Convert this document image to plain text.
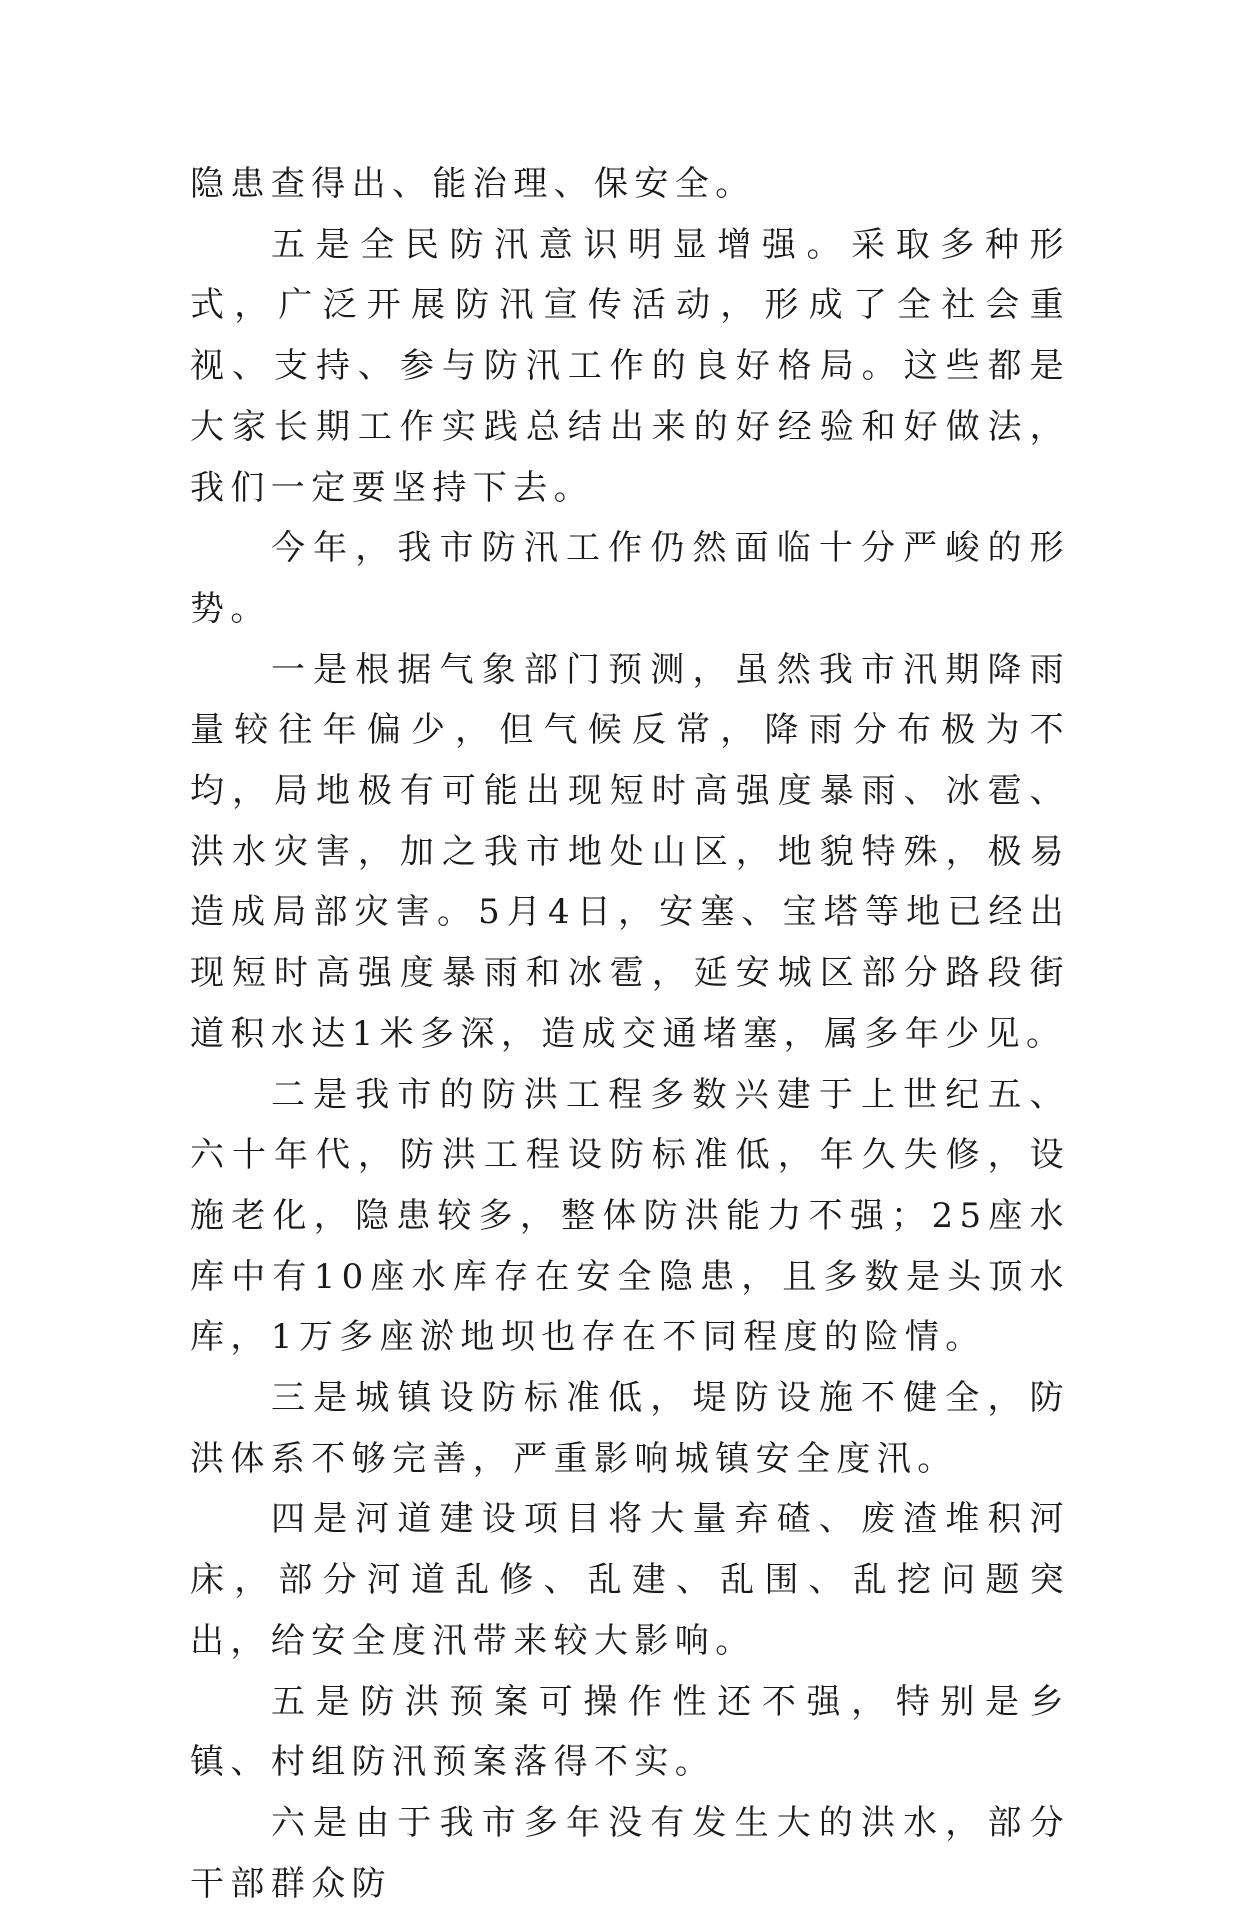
隐患查得出、能治理、保安全。

五是全民防汛意识明显增强。采取多种形式，广泛开展防汛宣传活动，形成了全社会重视、支持、参与防汛工作的良好格局。这些都是大家长期工作实践总结出来的好经验和好做法，我们一定要坚持下去。

今年，我市防汛工作仍然面临十分严峻的形势。

一是根据气象部门预测，虽然我市汛期降雨量较往年偏少，但气候反常，降雨分布极为不均，局地极有可能出现短时高强度暴雨、冰雹、洪水灾害，加之我市地处山区，地貌特殊，极易造成局部灾害。5月4日，安塞、宝塔等地已经出现短时高强度暴雨和冰雹，延安城区部分路段街道积水达1米多深，造成交通堵塞，属多年少见。

二是我市的防洪工程多数兴建于上世纪五、六十年代，防洪工程设防标准低，年久失修，设施老化，隐患较多，整体防洪能力不强；25座水库中有10座水库存在安全隐患，且多数是头顶水库，1万多座淤地坝也存在不同程度的险情。

三是城镇设防标准低，堤防设施不健全，防洪体系不够完善，严重影响城镇安全度汛。

四是河道建设项目将大量弃碴、废渣堆积河床，部分河道乱修、乱建、乱围、乱挖问题突出，给安全度汛带来较大影响。

五是防洪预案可操作性还不强，特别是乡镇、村组防汛预案落得不实。

六是由于我市多年没有发生大的洪水，部分干部群众防
